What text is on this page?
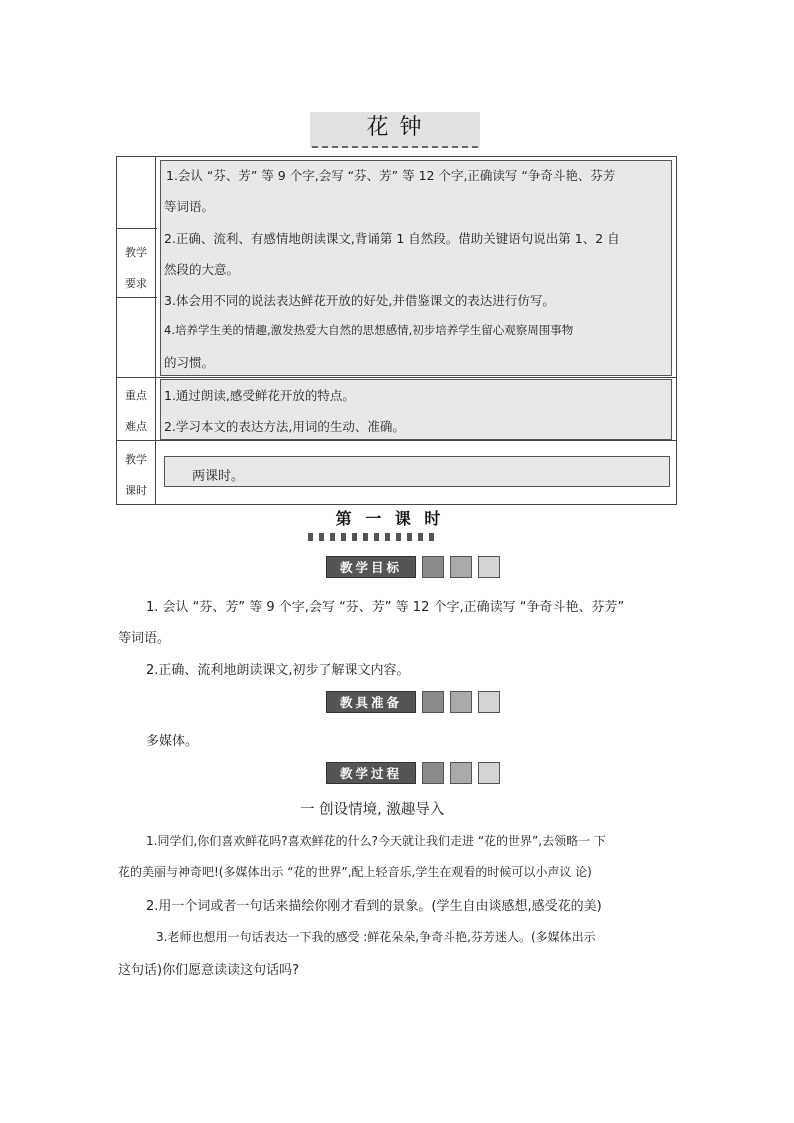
花 钟
教学
要求
1.会认 “芬、芳” 等 9 个字,会写 “芬、芳” 等 12 个字,正确读写 “争奇斗艳、芬芳
等词语。
2.正确、流利、有感情地朗读课文,背诵第 1 自然段。借助关键语句说出第 1、2 自
然段的大意。
3.体会用不同的说法表达鲜花开放的好处,并借鉴课文的表达进行仿写。
4.培养学生美的情趣,激发热爱大自然的思想感情,初步培养学生留心观察周围事物
的习惯。
重点
难点
1.通过朗读,感受鲜花开放的特点。
2.学习本文的表达方法,用词的生动、准确。
教学
课时
两课时。
第 一 课 时
教学目标
1. 会认 “芬、芳” 等 9 个字,会写 “芬、芳” 等 12 个字,正确读写 “争奇斗艳、芬芳”
等词语。
2.正确、流利地朗读课文,初步了解课文内容。
教具准备
多媒体。
教学过程
一 创设情境, 激趣导入
1.同学们,你们喜欢鲜花吗?喜欢鲜花的什么?今天就让我们走进 “花的世界”,去领略一 下
花的美丽与神奇吧!(多媒体出示 “花的世界”,配上轻音乐,学生在观看的时候可以小声议 论)
2.用一个词或者一句话来描绘你刚才看到的景象。(学生自由谈感想,感受花的美)
3.老师也想用一句话表达一下我的感受 :鲜花朵朵,争奇斗艳,芬芳迷人。(多媒体出示
这句话)你们愿意读读这句话吗?
